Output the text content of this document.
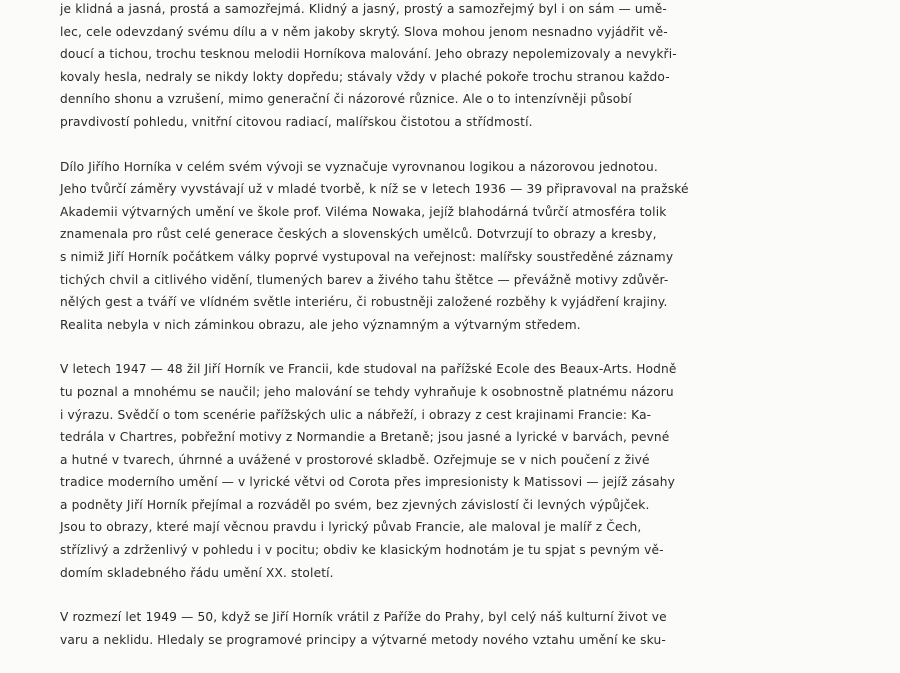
je klidná a jasná, prostá a samozřejmá. Klidný a jasný, prostý a samozřejmý byl i on sám — umě-
lec, cele odevzdaný svému dílu a v něm jakoby skrytý. Slova mohou jenom nesnadno vyjádřit vě-
doucí a tichou, trochu tesknou melodii Horníkova malování. Jeho obrazy nepolemizovaly a nevykři-
kovaly hesla, nedraly se nikdy lokty dopředu; stávaly vždy v plaché pokoře trochu stranou každo-
denního shonu a vzrušení, mimo generační či názorové různice. Ale o to intenzívněji působí
pravdivostí pohledu, vnitřní citovou radiací, malířskou čistotou a střídmostí.

Dílo Jiřího Horníka v celém svém vývoji se vyznačuje vyrovnanou logikou a názorovou jednotou.
Jeho tvůrčí záměry vyvstávají už v mladé tvorbě, k níž se v letech 1936 — 39 připravoval na pražské
Akademii výtvarných umění ve škole prof. Viléma Nowaka, jejíž blahodárná tvůrčí atmosféra tolik
znamenala pro růst celé generace českých a slovenských umělců. Dotvrzují to obrazy a kresby,
s nimiž Jiří Horník počátkem války poprvé vystupoval na veřejnost: malířsky soustředěné záznamy
tichých chvil a citlivého vidění, tlumených barev a živého tahu štětce — převážně motivy zdůvěr-
nělých gest a tváří ve vlídném světle interiéru, či robustněji založené rozběhy k vyjádření krajiny.
Realita nebyla v nich záminkou obrazu, ale jeho významným a výtvarným středem.

V letech 1947 — 48 žil Jiří Horník ve Francii, kde studoval na pařížské Ecole des Beaux-Arts. Hodně
tu poznal a mnohému se naučil; jeho malování se tehdy vyhraňuje k osobnostně platnému názoru
i výrazu. Svědčí o tom scenérie pařížských ulic a nábřeží, i obrazy z cest krajinami Francie: Ka-
tedrála v Chartres, pobřežní motivy z Normandie a Bretaně; jsou jasné a lyrické v barvách, pevné
a hutné v tvarech, úhrnné a uvážené v prostorové skladbě. Ozřejmuje se v nich poučení z živé
tradice moderního umění — v lyrické větvi od Corota přes impresionisty k Matissovi — jejíž zásahy
a podněty Jiří Horník přejímal a rozváděl po svém, bez zjevných závislostí či levných výpůjček.
Jsou to obrazy, které mají věcnou pravdu i lyrický půvab Francie, ale maloval je malíř z Čech,
střízlivý a zdrženlivý v pohledu i v pocitu; obdiv ke klasickým hodnotám je tu spjat s pevným vě-
domím skladebného řádu umění XX. století.

V rozmezí let 1949 — 50, když se Jiří Horník vrátil z Paříže do Prahy, byl celý náš kulturní život ve
varu a neklidu. Hledaly se programové principy a výtvarné metody nového vztahu umění ke sku-
